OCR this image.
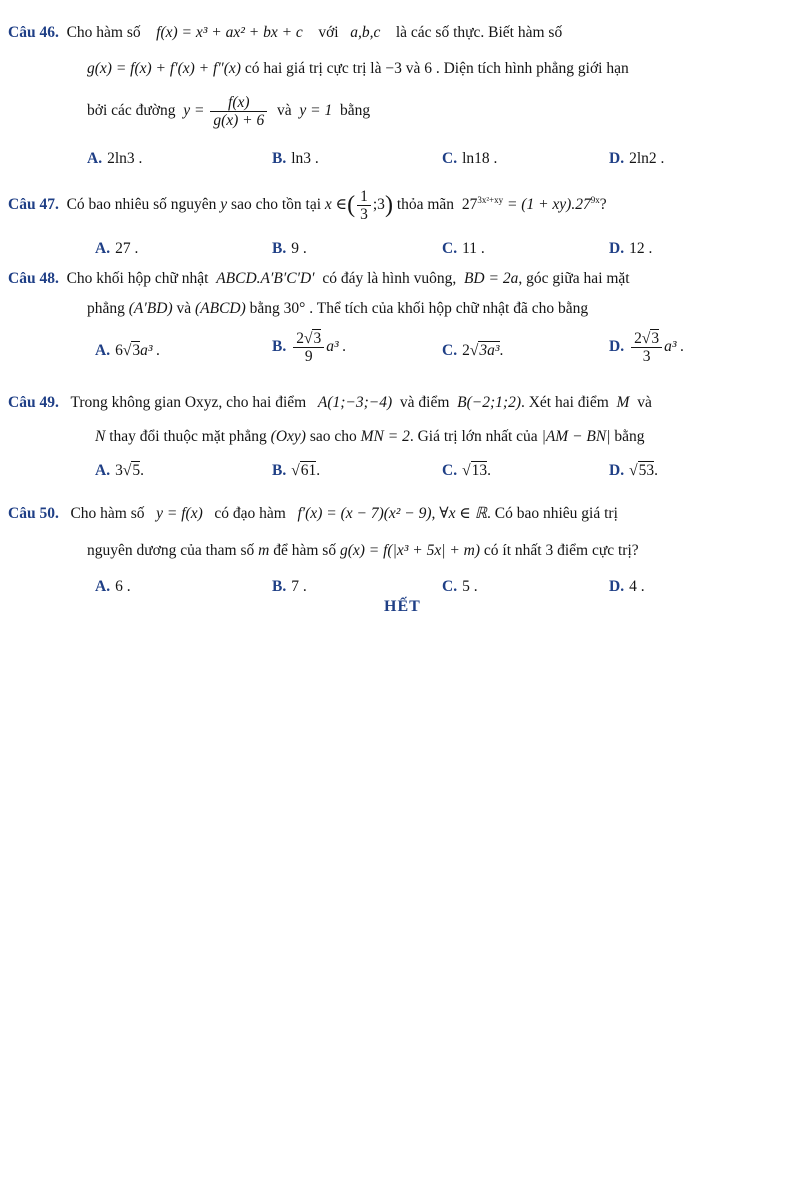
Câu 46. Cho hàm số f(x) = x³ + ax² + bx + c với a,b,c là các số thực. Biết hàm số
g(x) = f(x) + f′(x) + f″(x) có hai giá trị cực trị là −3 và 6 . Diện tích hình phẳng giới hạn
bởi các đường $y = \frac{f(x)}{g(x) + 6}$ và y = 1 bằng
A. 2ln3 .	B. ln3 .	C. ln18 .	D. 2ln2 .
Câu 47. Có bao nhiêu số nguyên y sao cho tồn tại x ∈( $\frac{1}{3}$ ;3) thỏa mãn $27^{3x^2+xy} = (1 + xy).27^{9x}$?
A. 27 .	B. 9 .	C. 11 .	D. 12 .
Câu 48. Cho khối hộp chữ nhật ABCD.A′B′C′D′ có đáy là hình vuông, BD = 2a, góc giữa hai mặt
phẳng (A′BD) và (ABCD) bằng 30° . Thể tích của khối hộp chữ nhật đã cho bằng
A. 6√3a³ .	B. $\frac{2√3}{9} a^3$ .	C. 2√3a³.	D. $\frac{2√3}{3} a^3$ .
Câu 49. Trong không gian Oxyz, cho hai điểm A(1;−3;−4) và điểm B(−2;1;2). Xét hai điểm M và
N thay đổi thuộc mặt phẳng (Oxy) sao cho MN = 2. Giá trị lớn nhất của |AM − BN| bằng
A. 3√5.	B. √61.	C. √13.	D. √53.
Câu 50. Cho hàm số y = f(x) có đạo hàm f′(x) = (x − 7)(x² − 9), ∀x ∈ ℝ. Có bao nhiêu giá trị
nguyên dương của tham số m để hàm số g(x) = f(|x³ + 5x| + m) có ít nhất 3 điểm cực trị?
A. 6 .	B. 7 .	C. 5 .	D. 4 .
HẾT
